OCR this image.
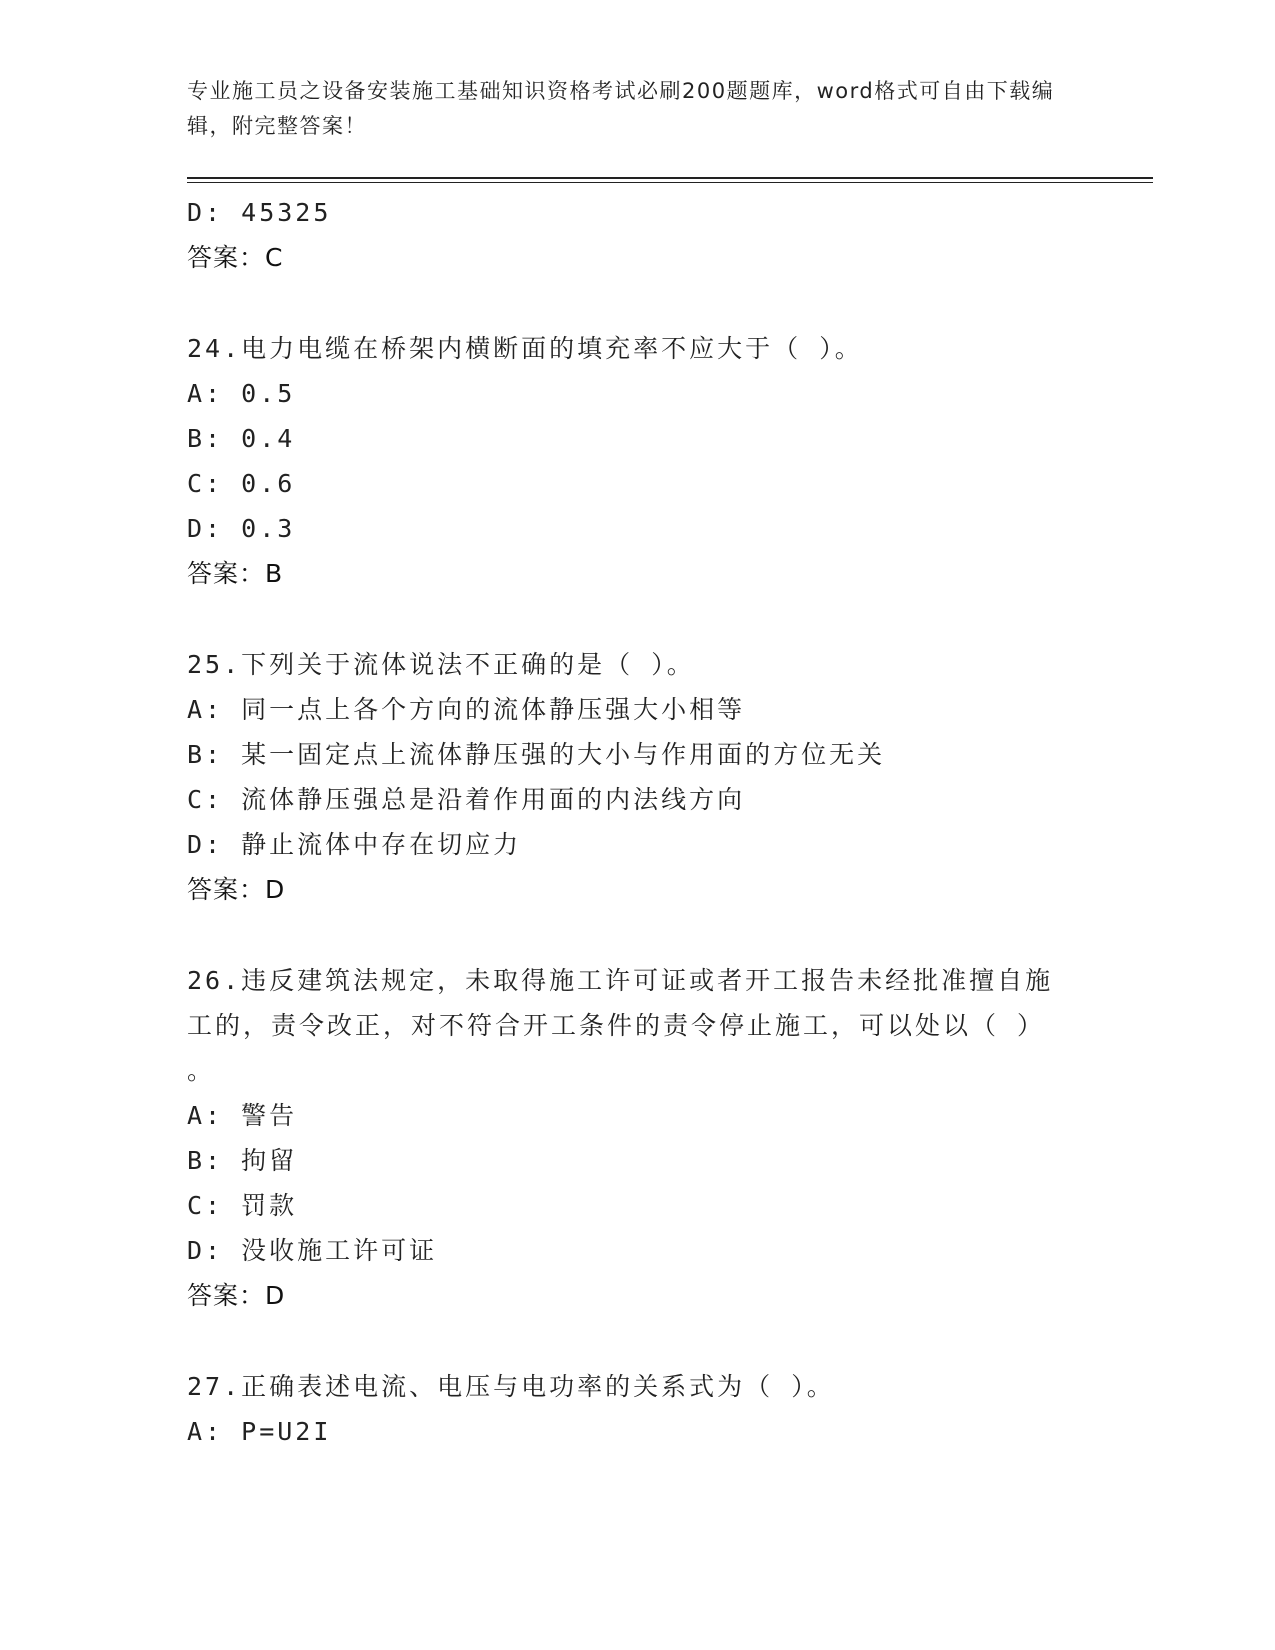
专业施工员之设备安装施工基础知识资格考试必刷200题题库，word格式可自由下载编辑，附完整答案！
D: 45325
答案：C
24.电力电缆在桥架内横断面的填充率不应大于（ ）。
A: 0.5
B: 0.4
C: 0.6
D: 0.3
答案：B
25.下列关于流体说法不正确的是（ ）。
A: 同一点上各个方向的流体静压强大小相等
B: 某一固定点上流体静压强的大小与作用面的方位无关
C: 流体静压强总是沿着作用面的内法线方向
D: 静止流体中存在切应力
答案：D
26.违反建筑法规定，未取得施工许可证或者开工报告未经批准擅自施
工的，责令改正，对不符合开工条件的责令停止施工，可以处以（ ）
。
A: 警告
B: 拘留
C: 罚款
D: 没收施工许可证
答案：D
27.正确表述电流、电压与电功率的关系式为（ ）。
A: P=U2I
